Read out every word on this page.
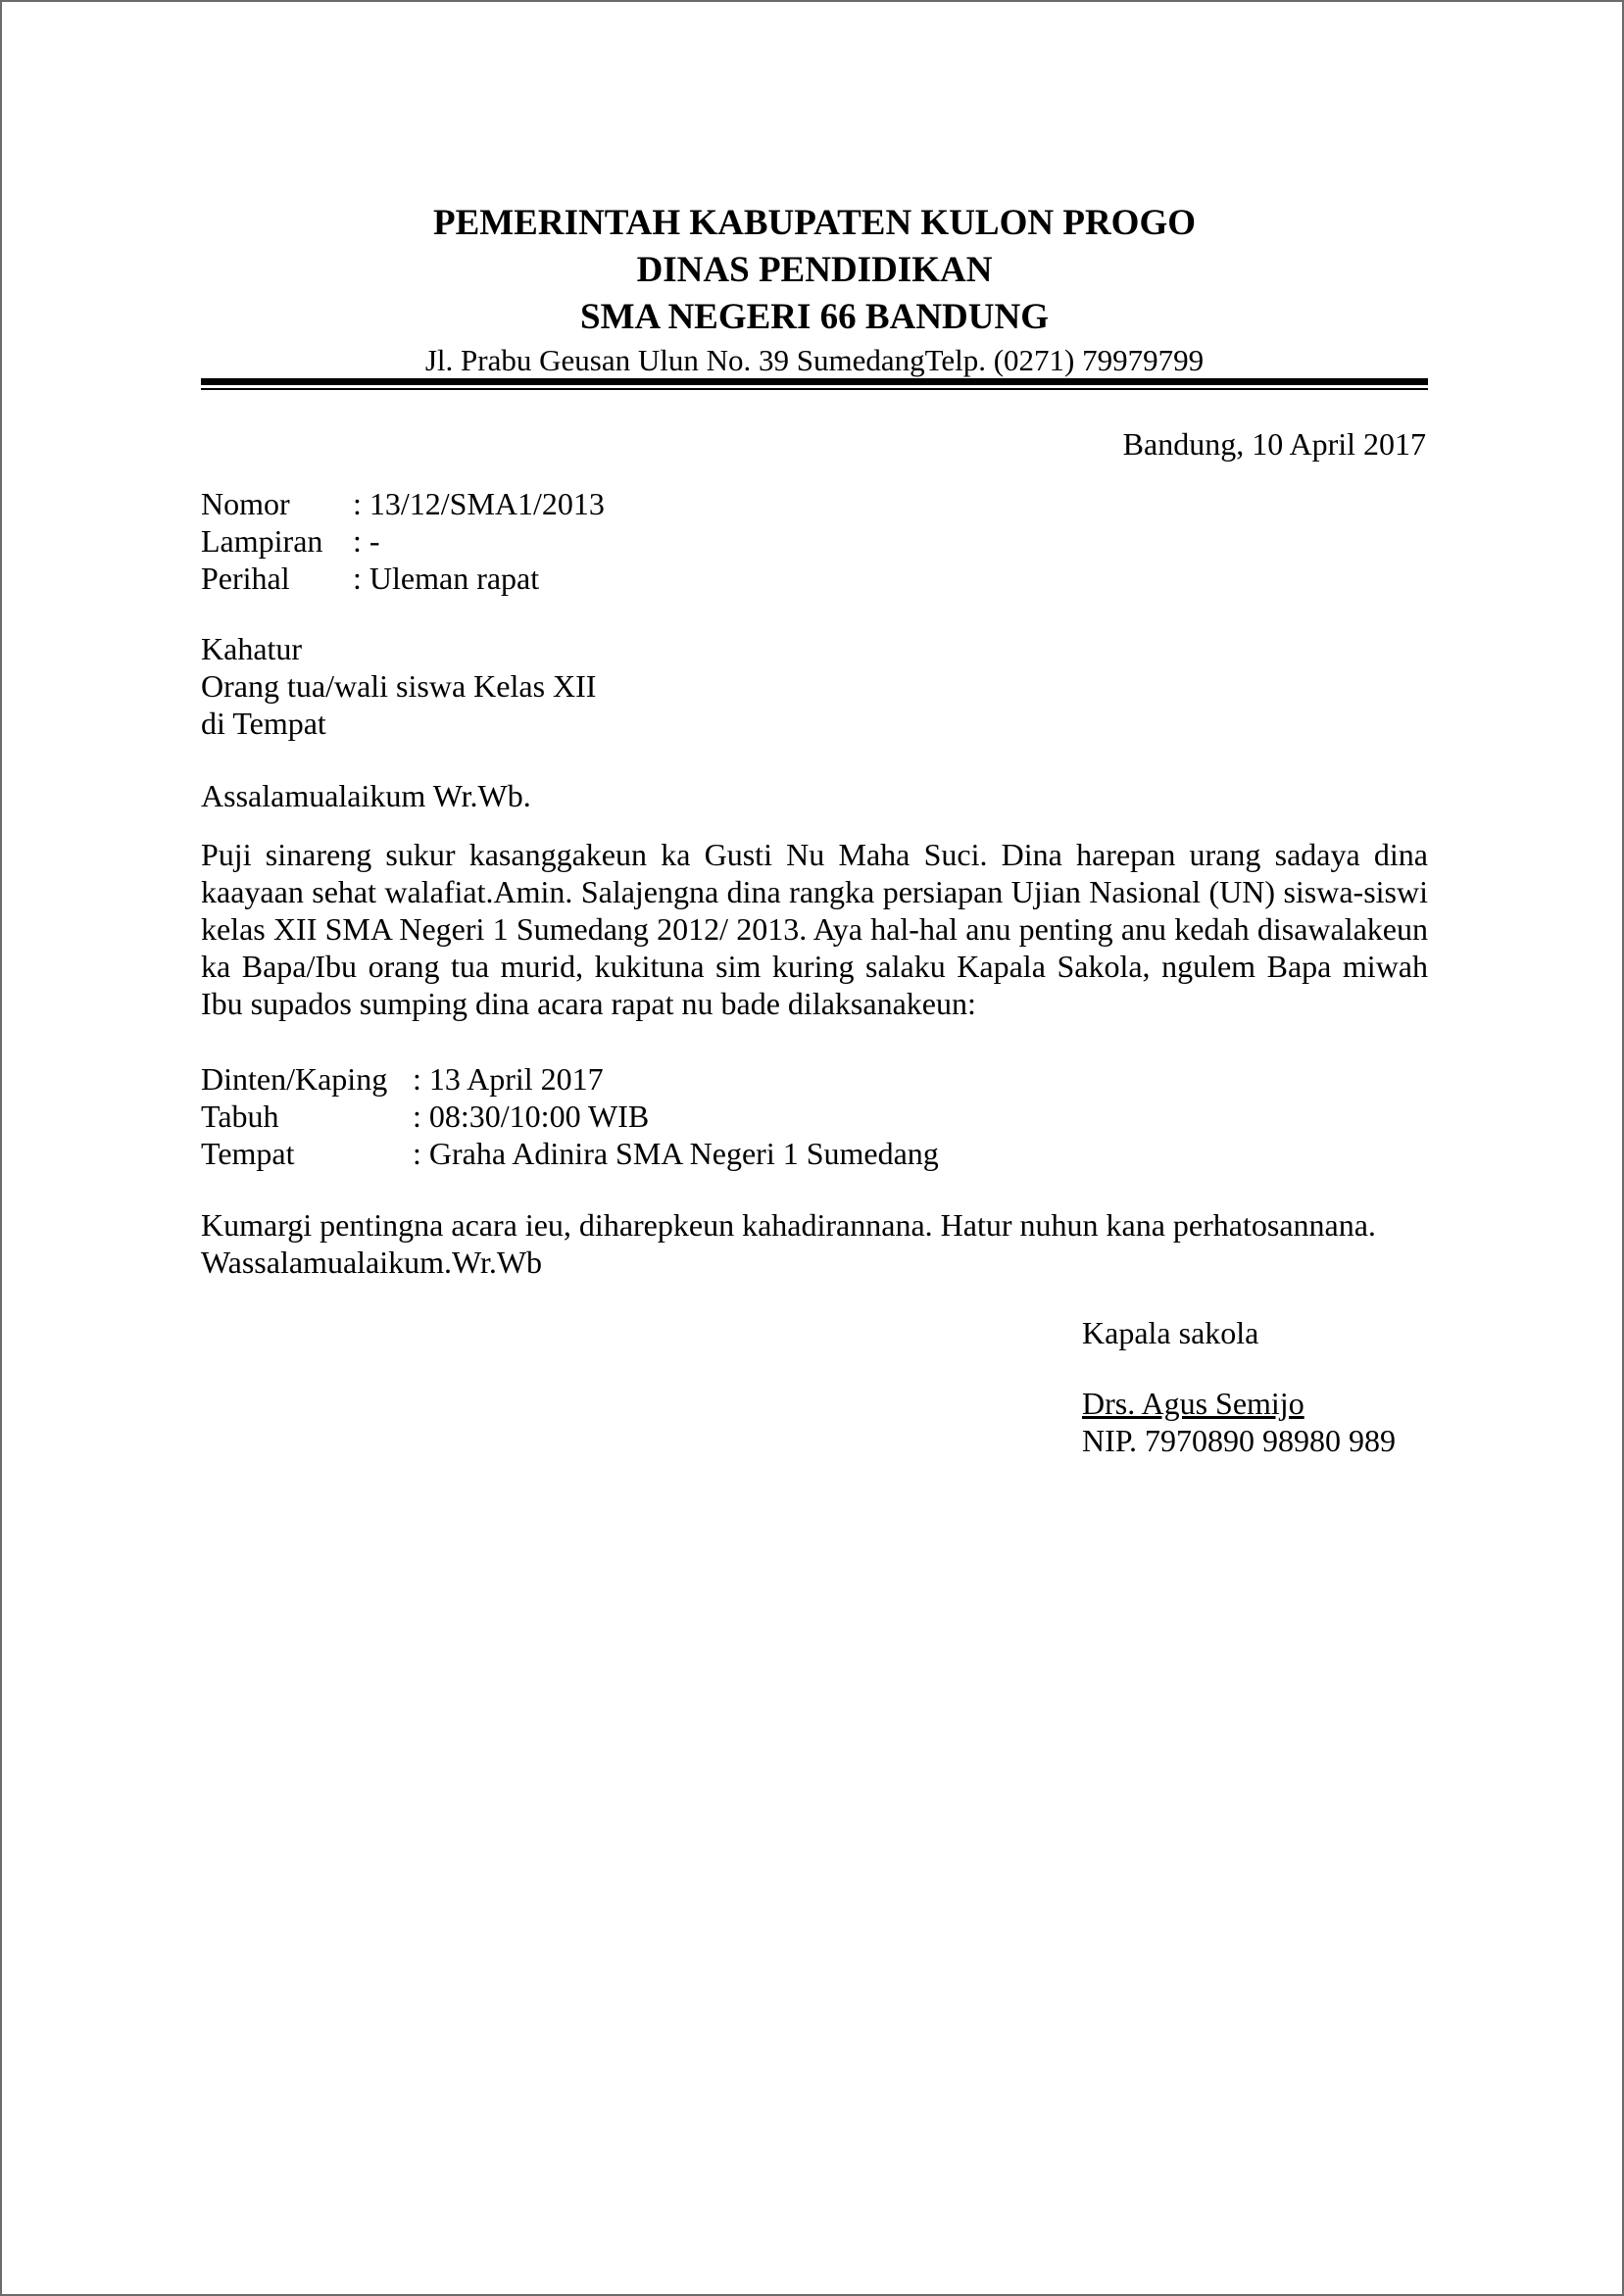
PEMERINTAH KABUPATEN KULON PROGO
DINAS PENDIDIKAN
SMA NEGERI 66 BANDUNG
Jl. Prabu Geusan Ulun No. 39 SumedangTelp. (0271) 79979799
Bandung, 10 April 2017
Nomor : 13/12/SMA1/2013
Lampiran : -
Perihal : Uleman rapat
Kahatur
Orang tua/wali siswa Kelas XII
di Tempat
Assalamualaikum Wr.Wb.
Puji sinareng sukur kasanggakeun ka Gusti Nu Maha Suci. Dina harepan urang sadaya dina kaayaan sehat walafiat.Amin. Salajengna dina rangka persiapan Ujian Nasional (UN) siswa-siswi kelas XII SMA Negeri 1 Sumedang 2012/ 2013. Aya hal-hal anu penting anu kedah disawalakeun ka Bapa/Ibu orang tua murid, kukituna sim kuring salaku Kapala Sakola, ngulem Bapa miwah Ibu supados sumping dina acara rapat nu bade dilaksanakeun:
Dinten/Kaping : 13 April 2017
Tabuh	: 08:30/10:00 WIB
Tempat	: Graha Adinira SMA Negeri 1 Sumedang
Kumargi pentingna acara ieu, diharepkeun kahadirannana. Hatur nuhun kana perhatosannana.
Wassalamualaikum.Wr.Wb
Kapala sakola
Drs. Agus Semijo
NIP. 7970890 98980 989
